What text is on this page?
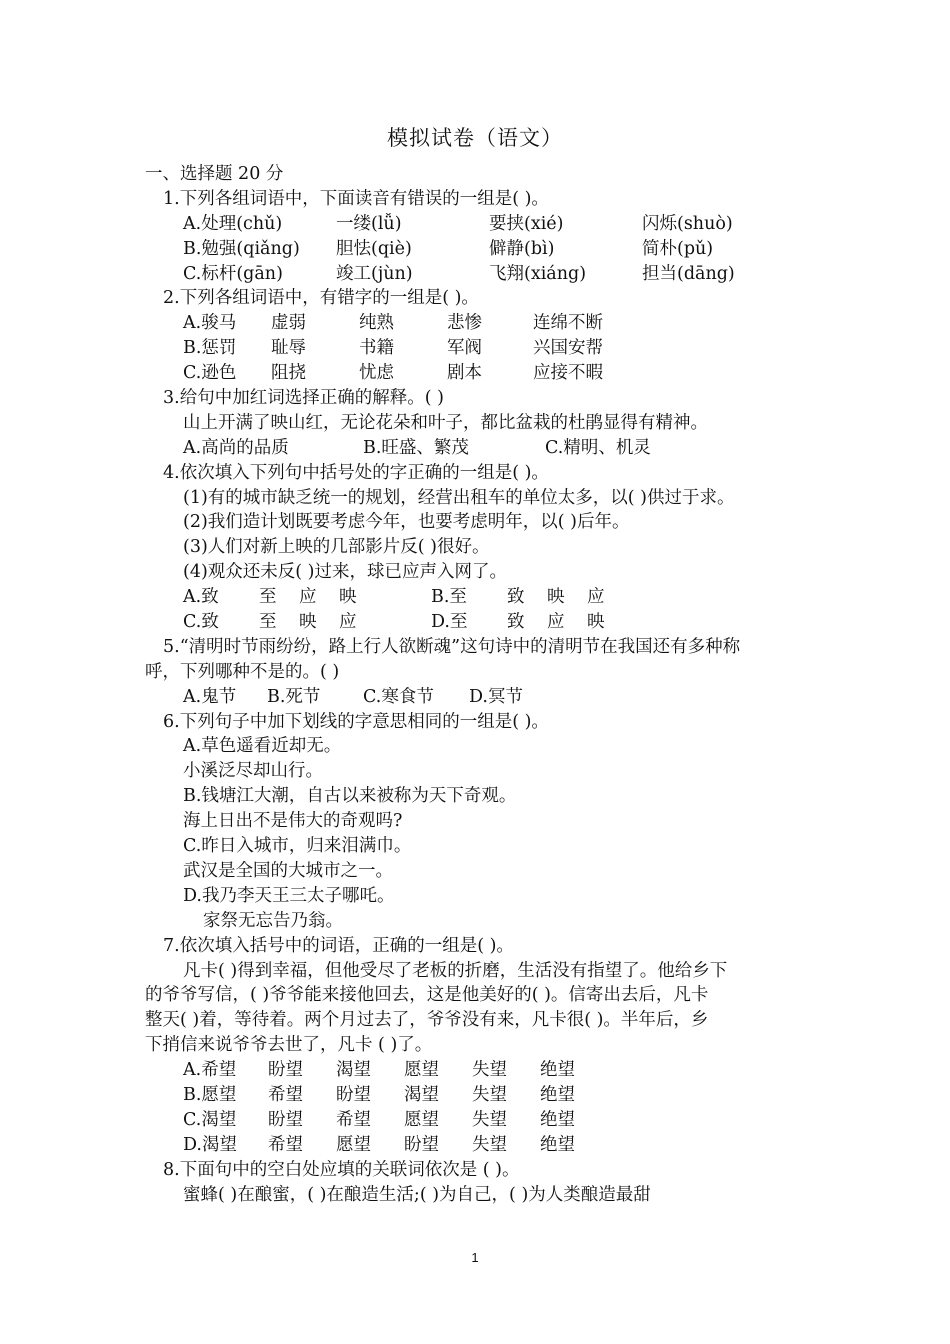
模拟试卷（语文）
一、选择题 20 分
1.下列各组词语中，下面读音有错误的一组是( )。
A.处理(chǔ)	一缕(lǚ)	要挟(xié)	闪烁(shuò)
B.勉强(qiǎng) 胆怯(qiè)	僻静(bì)	简朴(pǔ)
C.标杆(gān)	竣工(jùn)	飞翔(xiáng)	担当(dāng)
2.下列各组词语中，有错字的一组是( )。
A.骏马 虚弱	纯熟	悲惨	连绵不断
B.惩罚 耻辱	书籍	军阀	兴国安帮
C.逊色 阻挠	忧虑	剧本	应接不暇
3.给句中加红词选择正确的解释。( )
山上开满了映山红，无论花朵和叶子，都比盆栽的杜鹃显得有精神。
A.高尚的品质	B.旺盛、繁茂	C.精明、机灵
4.依次填入下列句中括号处的字正确的一组是( )。
(1)有的城市缺乏统一的规划，经营出租车的单位太多，以( )供过于求。
(2)我们造计划既要考虑今年，也要考虑明年，以( )后年。
(3)人们对新上映的几部影片反( )很好。
(4)观众还未反( )过来，球已应声入网了。
A.致 至 应 映	B.至 致 映 应
C.致 至 映 应	D.至 致 应 映
5.“清明时节雨纷纷，路上行人欲断魂”这句诗中的清明节在我国还有多种称
呼，下列哪种不是的。( )
A.鬼节 B.死节 C.寒食节 D.冥节
6.下列句子中加下划线的字意思相同的一组是( )。
A.草色遥看近却无。
小溪泛尽却山行。
B.钱塘江大潮，自古以来被称为天下奇观。
海上日出不是伟大的奇观吗?
C.昨日入城市，归来泪满巾。
武汉是全国的大城市之一。
D.我乃李天王三太子哪吒。
家祭无忘告乃翁。
7.依次填入括号中的词语，正确的一组是( )。
凡卡( )得到幸福，但他受尽了老板的折磨，生活没有指望了。他给乡下
的爷爷写信，( )爷爷能来接他回去，这是他美好的( )。信寄出去后，凡卡
整天( )着，等待着。两个月过去了，爷爷没有来，凡卡很( )。半年后，乡
下捎信来说爷爷去世了，凡卡 ( )了。
A.希望 盼望 渴望 愿望 失望 绝望
B.愿望 希望 盼望 渴望 失望 绝望
C.渴望 盼望 希望 愿望 失望 绝望
D.渴望 希望 愿望 盼望 失望 绝望
8.下面句中的空白处应填的关联词依次是 ( )。
蜜蜂( )在酿蜜，( )在酿造生活;( )为自己，( )为人类酿造最甜
1
